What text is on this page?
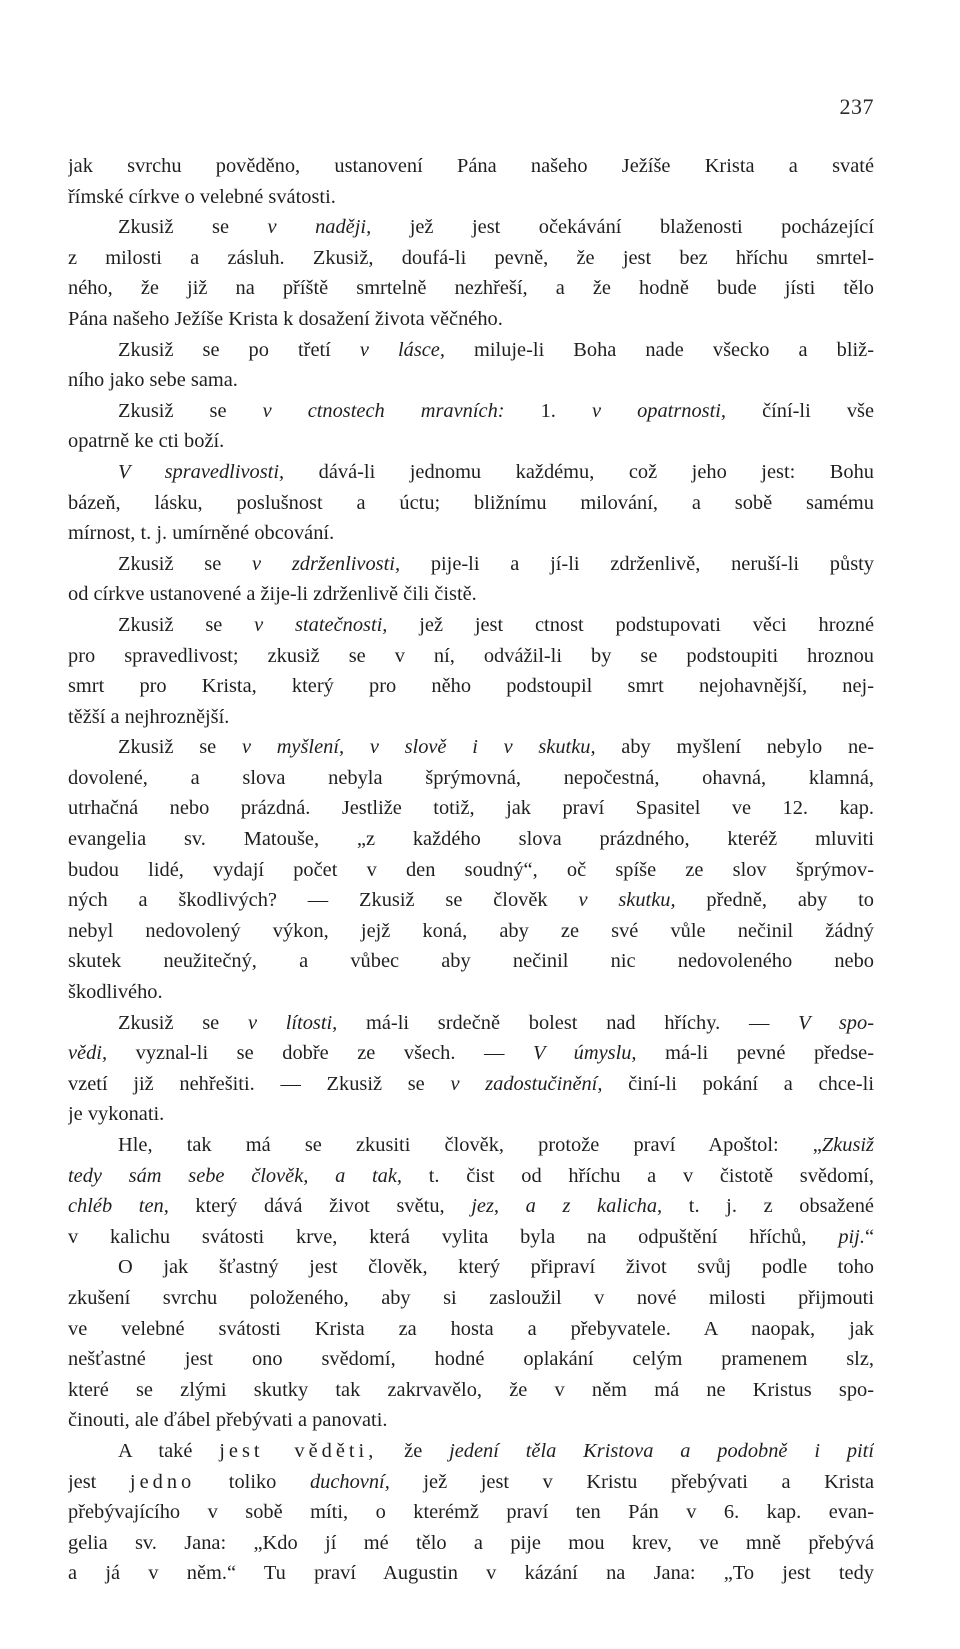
237
jak svrchu pověděno, ustanovení Pána našeho Ježíše Krista a svaté
římské církve o velebné svátosti.
Zkusiž se v naději, jež jest očekávání blaženosti pocházející
z milosti a zásluh. Zkusiž, doufá-li pevně, že jest bez hříchu smrtel-
ného, že již na příště smrtelně nezhřeší, a že hodně bude jísti tělo
Pána našeho Ježíše Krista k dosažení života věčného.
Zkusiž se po třetí v lásce, miluje-li Boha nade všecko a bliž-
ního jako sebe sama.
Zkusiž se v ctnostech mravních: 1. v opatrnosti, číní-li vše
opatrně ke cti boží.
V spravedlivosti, dává-li jednomu každému, což jeho jest: Bohu
bázeň, lásku, poslušnost a úctu; bližnímu milování, a sobě samému
mírnost, t. j. umírněné obcování.
Zkusiž se v zdrženlivosti, pije-li a jí-li zdrženlivě, neruší-li půsty
od církve ustanovené a žije-li zdrženlivě čili čistě.
Zkusiž se v statečnosti, jež jest ctnost podstupovati věci hrozné
pro spravedlivost; zkusiž se v ní, odvážil-li by se podstoupiti hroznou
smrt pro Krista, který pro něho podstoupil smrt nejohavnější, nej-
těžší a nejhroznější.
Zkusiž se v myšlení, v slově i v skutku, aby myšlení nebylo ne-
dovolené, a slova nebyla šprýmovná, nepočestná, ohavná, klamná,
utrhačná nebo prázdná. Jestliže totiž, jak praví Spasitel ve 12. kap.
evangelia sv. Matouše, „z každého slova prázdného, kteréž mluviti
budou lidé, vydají počet v den soudný“, oč spíše ze slov šprýmov-
ných a škodlivých? — Zkusiž se člověk v skutku, předně, aby to
nebyl nedovolený výkon, jejž koná, aby ze své vůle nečinil žádný
skutek neužitečný, a vůbec aby nečinil nic nedovoleného nebo
škodlivého.
Zkusiž se v lítosti, má-li srdečně bolest nad hříchy. — V spo-
vědi, vyznal-li se dobře ze všech. — V úmyslu, má-li pevné předse-
vzetí již nehřešiti. — Zkusiž se v zadostučinění, činí-li pokání a chce-li
je vykonati.
Hle, tak má se zkusiti člověk, protože praví Apoštol: „Zkusiž
tedy sám sebe člověk, a tak, t. čist od hříchu a v čistotě svědomí,
chléb ten, který dává život světu, jez, a z kalicha, t. j. z obsažené
v kalichu svátosti krve, která vylita byla na odpuštění hříchů, pij.“
O jak šťastný jest člověk, který připraví život svůj podle toho
zkušení svrchu položeného, aby si zasloužil v nové milosti přijmouti
ve velebné svátosti Krista za hosta a přebyvatele. A naopak, jak
nešťastné jest ono svědomí, hodné oplakání celým pramenem slz,
které se zlými skutky tak zakrvavělo, že v něm má ne Kristus spo-
činouti, ale ďábel přebývati a panovati.
A také jest věděti, že jedení těla Kristova a podobně i pití
jest jedno toliko duchovní, jež jest v Kristu přebývati a Krista
přebývajícího v sobě míti, o kterémž praví ten Pán v 6. kap. evan-
gelia sv. Jana: „Kdo jí mé tělo a pije mou krev, ve mně přebývá
a já v něm.“ Tu praví Augustin v kázání na Jana: „To jest tedy
